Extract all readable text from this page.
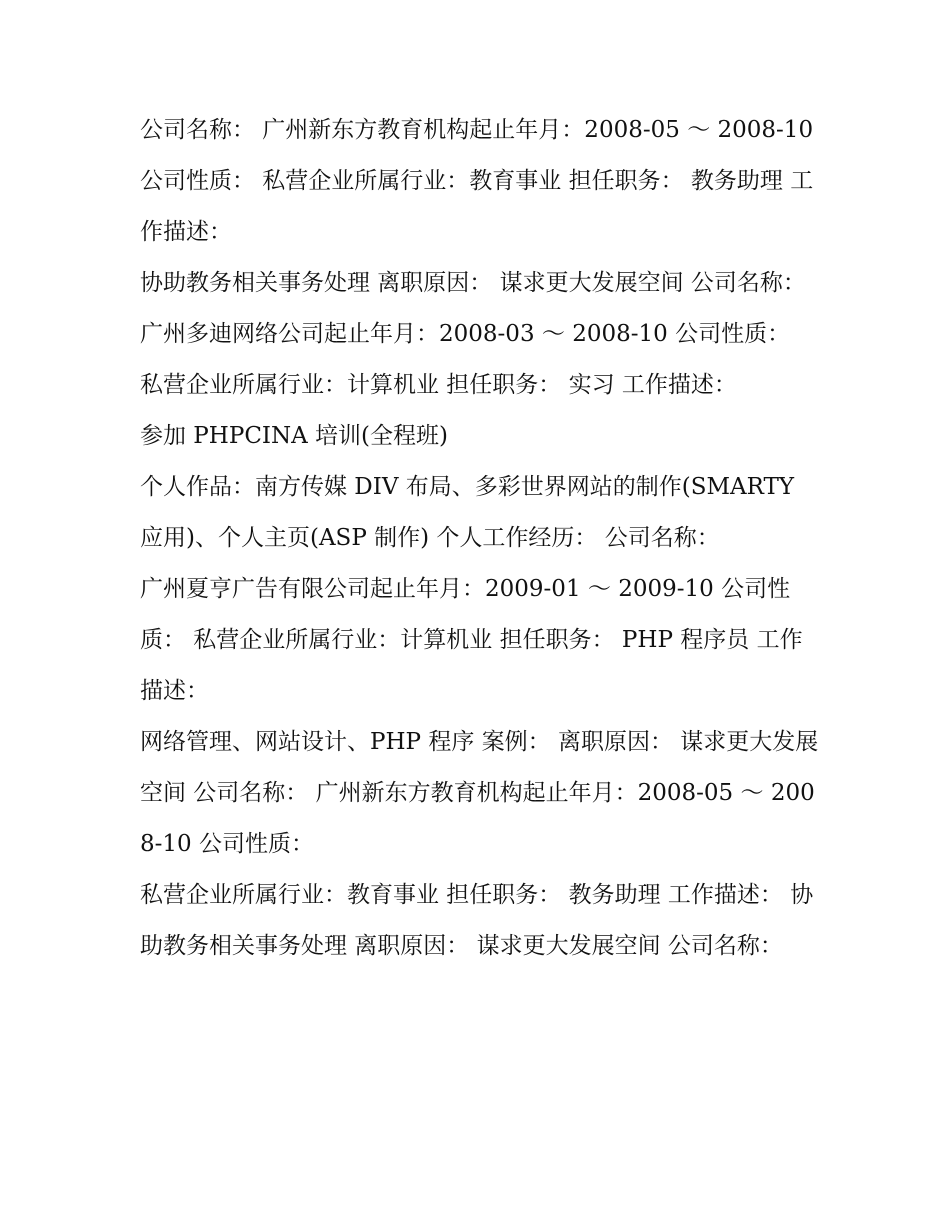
公司名称： 广州新东方教育机构起止年月：2008-05 ～ 2008-10 公司性质： 私营企业所属行业：教育事业 担任职务： 教务助理 工作描述：

协助教务相关事务处理 离职原因： 谋求更大发展空间 公司名称： 广州多迪网络公司起止年月：2008-03 ～ 2008-10 公司性质：

私营企业所属行业：计算机业 担任职务： 实习 工作描述：

参加 PHPCINA 培训(全程班)

个人作品：南方传媒 DIV 布局、多彩世界网站的制作(SMARTY 应用)、个人主页(ASP 制作) 个人工作经历： 公司名称：

广州夏亨广告有限公司起止年月：2009-01 ～ 2009-10 公司性质： 私营企业所属行业：计算机业 担任职务： PHP 程序员 工作描述：

网络管理、网站设计、PHP 程序 案例： 离职原因： 谋求更大发展空间 公司名称： 广州新东方教育机构起止年月：2008-05 ～ 2008-10 公司性质：

私营企业所属行业：教育事业 担任职务： 教务助理 工作描述： 协助教务相关事务处理 离职原因： 谋求更大发展空间 公司名称：
